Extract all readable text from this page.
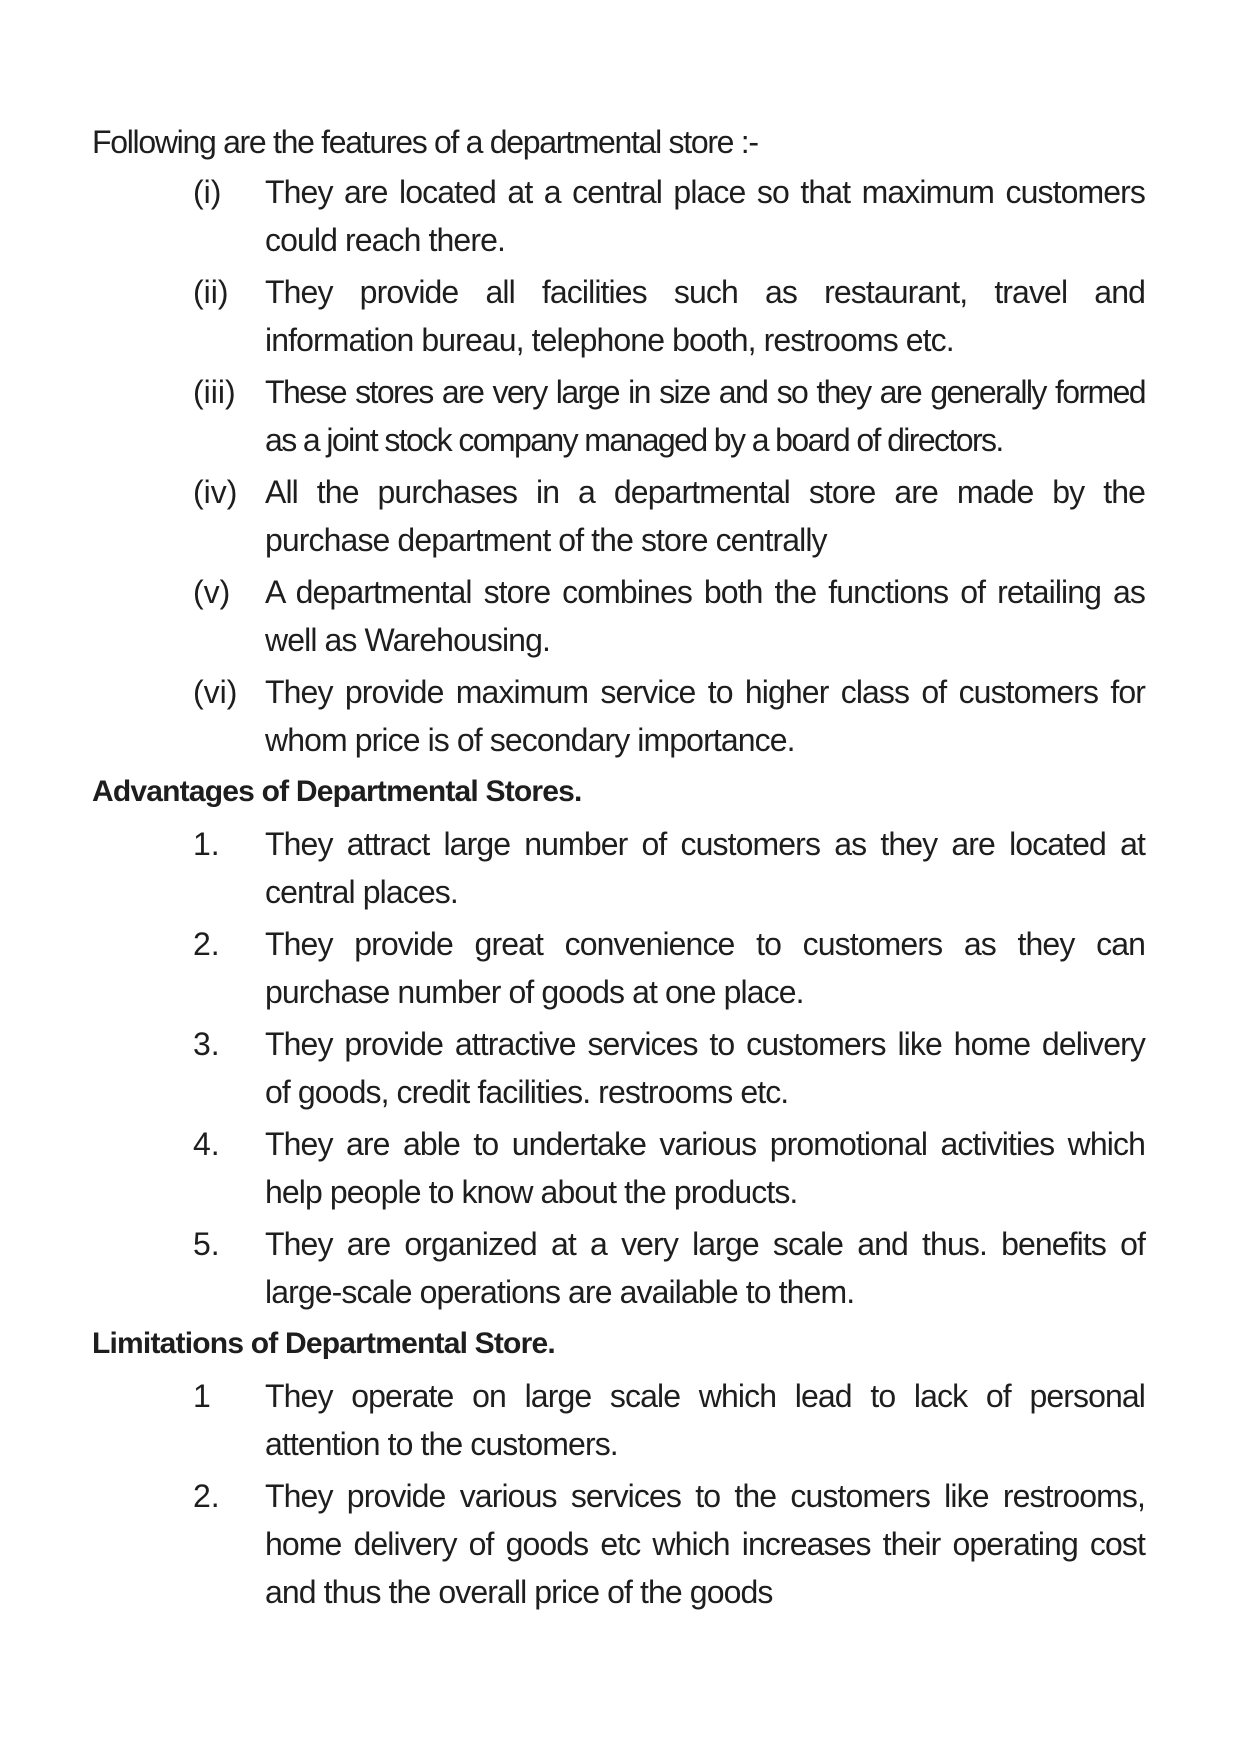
Following are the features of a departmental store :-
(i)	They are located at a central place so that maximum customers could reach there.
(ii)	They provide all facilities such as restaurant, travel and information bureau, telephone booth, restrooms etc.
(iii) These stores are very large in size and so they are generally formed as a joint stock company managed by a board of directors.
(iv) All the purchases in a departmental store are made by the purchase department of the store centrally
(v)	A departmental store combines both the functions of retailing as well as Warehousing.
(vi) They provide maximum service to higher class of customers for whom price is of secondary importance.
Advantages of Departmental Stores.
1.	They attract large number of customers as they are located at central places.
2.	They provide great convenience to customers as they can purchase number of goods at one place.
3.	They provide attractive services to customers like home delivery of goods, credit facilities. restrooms etc.
4.	They are able to undertake various promotional activities which help people to know about the products.
5.	They are organized at a very large scale and thus. benefits of large-scale operations are available to them.
Limitations of Departmental Store.
1	They operate on large scale which lead to lack of personal attention to the customers.
2.	They provide various services to the customers like restrooms, home delivery of goods etc which increases their operating cost and thus the overall price of the goods
